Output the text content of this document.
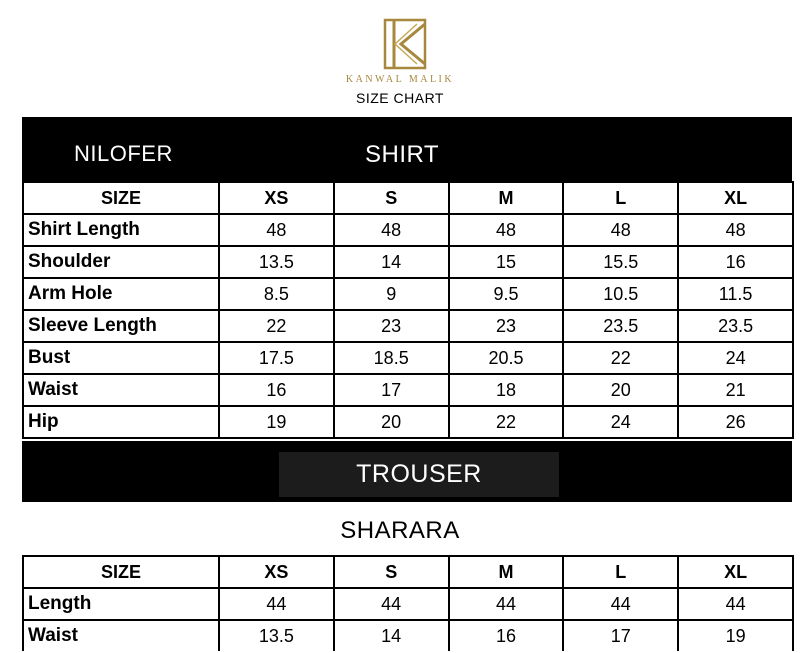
KANWAL MALIK
SIZE CHART
NILOFER	SHIRT
SIZE	XS	S	M	L	XL
Shirt Length	48	48	48	48	48
Shoulder	13.5	14	15	15.5	16
Arm Hole	8.5	9	9.5	10.5	11.5
Sleeve Length	22	23	23	23.5	23.5
Bust	17.5	18.5	20.5	22	24
Waist	16	17	18	20	21
Hip	19	20	22	24	26
TROUSER
SHARARA
SIZE	XS	S	M	L	XL
Length	44	44	44	44	44
Waist	13.5	14	16	17	19
